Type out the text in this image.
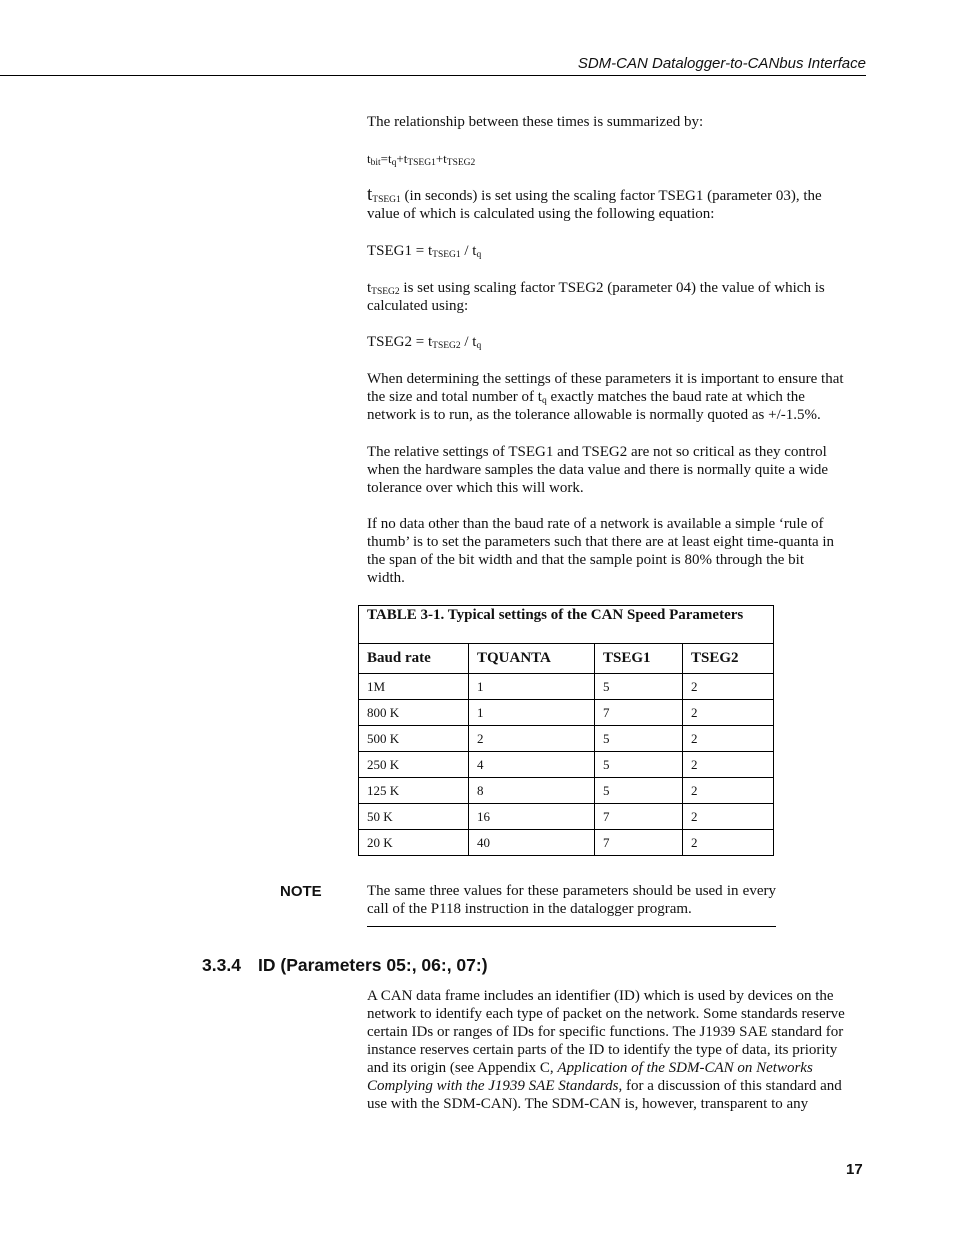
SDM-CAN Datalogger-to-CANbus Interface

The relationship between these times is summarized by:

$t_{bit}=t_q+t_{TSEG1}+t_{TSEG2}$

$t_{TSEG1}$ (in seconds) is set using the scaling factor TSEG1 (parameter 03), the
value of which is calculated using the following equation:

TSEG1 = $t_{TSEG1} / t_q$

$t_{TSEG2}$ is set using scaling factor TSEG2 (parameter 04) the value of which is
calculated using:

TSEG2 = $t_{TSEG2} / t_q$

When determining the settings of these parameters it is important to ensure that
the size and total number of $t_q$ exactly matches the baud rate at which the
network is to run, as the tolerance allowable is normally quoted as +/-1.5%.

The relative settings of TSEG1 and TSEG2 are not so critical as they control
when the hardware samples the data value and there is normally quite a wide
tolerance over which this will work.

If no data other than the baud rate of a network is available a simple ‘rule of
thumb’ is to set the parameters such that there are at least eight time-quanta in
the span of the bit width and that the sample point is 80% through the bit
width.

TABLE 3-1. Typical settings of the CAN Speed Parameters			
Baud rate	TQUANTA	TSEG1	TSEG2
1M	1	5	2
800 K	1	7	2
500 K	2	5	2
250 K	4	5	2
125 K	8	5	2
50 K	16	7	2
20 K	40	7	2
NOTE	The same three values for these parameters should be used in every call of the P118 instruction in the datalogger program.
3.3.4 ID (Parameters 05:, 06:, 07:)

A CAN data frame includes an identifier (ID) which is used by devices on the
network to identify each type of packet on the network. Some standards reserve
certain IDs or ranges of IDs for specific functions. The J1939 SAE standard for
instance reserves certain parts of the ID to identify the type of data, its priority
and its origin (see Appendix C, Application of the SDM-CAN on Networks
Complying with the J1939 SAE Standards, for a discussion of this standard and
use with the SDM-CAN). The SDM-CAN is, however, transparent to any

17
